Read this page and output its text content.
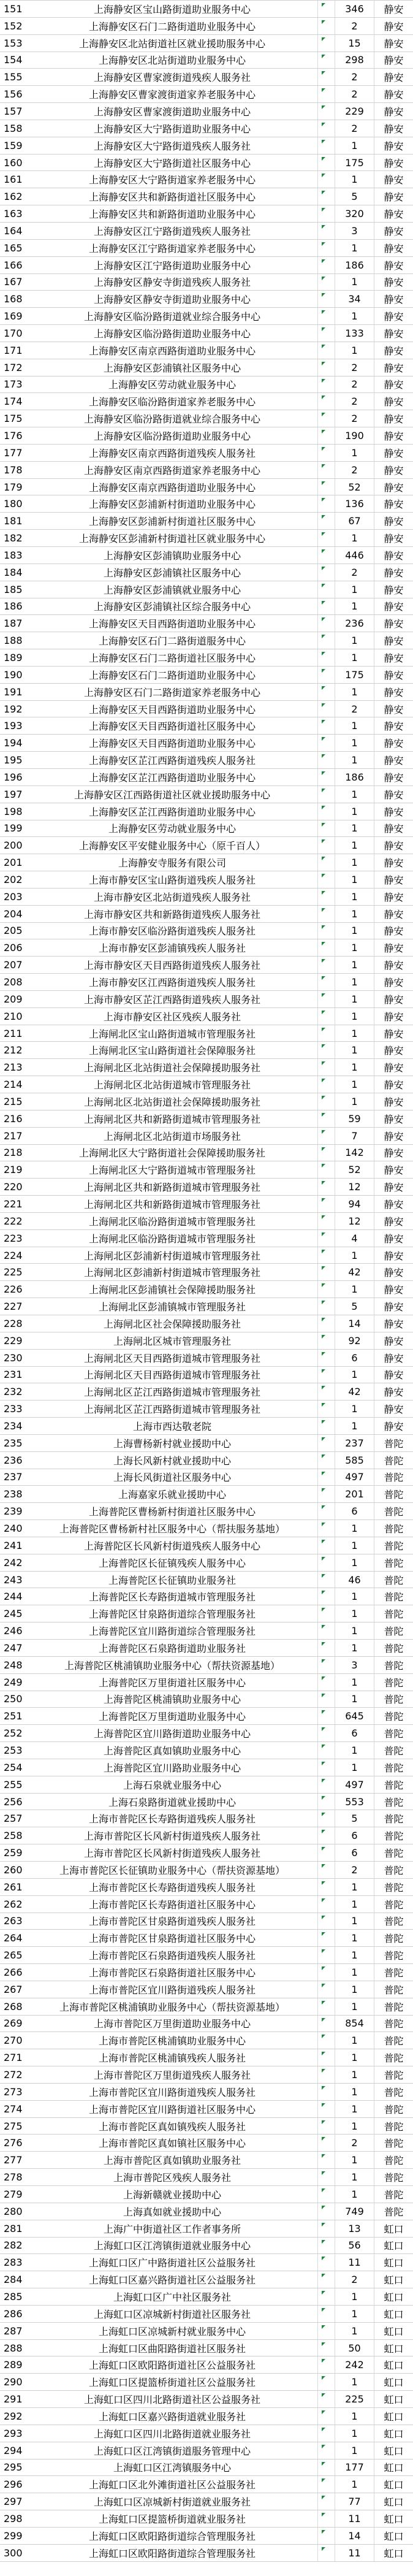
151	上海静安区宝山路街道助业服务中心	346	静安
152	上海静安区石门二路街道助业服务中心	2	静安
153	上海静安区北站街道社区就业援助服务中心	15	静安
154	上海静安区北站街道助业服务中心	298	静安
155	上海静安区曹家渡街道残疾人服务社	2	静安
156	上海静安区曹家渡街道家养老服务中心	2	静安
157	上海静安区曹家渡街道助业服务中心	229	静安
158	上海静安区大宁路街道助业服务中心	2	静安
159	上海静安区大宁路街道残疾人服务社	1	静安
160	上海静安区大宁路街道社区服务中心	175	静安
161	上海静安区大宁路街道家养老服务中心	1	静安
162	上海静安区共和新路街道社区服务中心	5	静安
163	上海静安区共和新路街道助业服务中心	320	静安
164	上海静安区江宁路街道残疾人服务社	3	静安
165	上海静安区江宁路街道家养老服务中心	1	静安
166	上海静安区江宁路街道助业服务中心	186	静安
167	上海静安区静安寺街道残疾人服务社	1	静安
168	上海静安区静安寺街道助业服务中心	34	静安
169	上海静安区临汾路街道就业综合服务中心	1	静安
170	上海静安区临汾路街道助业服务中心	133	静安
171	上海静安区南京西路街道助业服务中心	1	静安
172	上海静安区彭浦镇社区服务中心	2	静安
173	上海静安区劳动就业服务中心	2	静安
174	上海静安区临汾路街道家养老服务中心	2	静安
175	上海静安区临汾路街道就业综合服务中心	2	静安
176	上海静安区临汾路街道助业服务中心	190	静安
177	上海静安区南京西路街道残疾人服务社	1	静安
178	上海静安区南京西路街道家养老服务中心	2	静安
179	上海静安区南京西路街道助业服务中心	52	静安
180	上海静安区彭浦新村街道助业服务中心	136	静安
181	上海静安区彭浦新村街道社区服务中心	67	静安
182	上海静安区彭浦新村街道社区就业服务中心	1	静安
183	上海静安区彭浦镇助业服务中心	446	静安
184	上海静安区彭浦镇社区服务中心	2	静安
185	上海静安区彭浦镇就业服务中心	1	静安
186	上海静安区彭浦镇社区综合服务中心	1	静安
187	上海静安区天目西路街道助业服务中心	236	静安
188	上海静安区石门二路街道服务中心	1	静安
189	上海静安区石门二路街道社区服务中心	1	静安
190	上海静安区石门二路街道助业服务中心	175	静安
191	上海静安区石门二路街道家养老服务中心	1	静安
192	上海静安区天目西路街道助业服务中心	2	静安
193	上海静安区天目西路街道社区服务中心	1	静安
194	上海静安区天目西路街道助业服务中心	1	静安
195	上海静安区芷江西路街道残疾人服务社	1	静安
196	上海静安区芷江西路街道助业服务中心	186	静安
197	上海静安区江西路街道社区就业援助服务中心	1	静安
198	上海静安区芷江西路街道助业服务中心	1	静安
199	上海静安区劳动就业服务中心	1	静安
200	上海静安区平安健业服务中心（原千百人）	1	静安
201	上海静安寺服务有限公司	1	静安
202	上海市静安区宝山路街道残疾人服务社	1	静安
203	上海市静安区北站街道残疾人服务社	1	静安
204	上海市静安区共和新路街道残疾人服务社	1	静安
205	上海市静安区临汾路街道残疾人服务社	1	静安
206	上海市静安区彭浦镇残疾人服务社	1	静安
207	上海市静安区天目西路街道残疾人服务社	1	静安
208	上海市静安区江西路街道残疾人服务社	1	静安
209	上海市静安区芷江西路街道残疾人服务社	1	静安
210	上海市静安区社区残疾人服务社	1	静安
211	上海闸北区宝山路街道城市管理服务社	1	静安
212	上海闸北区宝山路街道社会保障服务社	1	静安
213	上海闸北区北站街道社会保障援助服务社	1	静安
214	上海闸北区北站街道城市管理服务社	1	静安
215	上海闸北区北站街道社会保障援助服务社	1	静安
216	上海闸北区共和新路街道城市管理服务社	59	静安
217	上海闸北区北站街道市场服务社	7	静安
218	上海闸北区大宁路街道社会保障援助服务社	142	静安
219	上海闸北区大宁路街道城市管理服务社	52	静安
220	上海闸北区共和新路街道城市管理服务社	12	静安
221	上海闸北区共和新路街道城市管理服务社	94	静安
222	上海闸北区临汾路街道城市管理服务社	12	静安
223	上海闸北区临汾路街道城市管理服务社	4	静安
224	上海闸北区彭浦新村街道城市管理服务社	1	静安
225	上海闸北区彭浦新村街道城市管理服务社	42	静安
226	上海闸北区彭浦镇社会保障援助服务社	1	静安
227	上海闸北区彭浦镇城市管理服务社	5	静安
228	上海闸北区社会保障援助服务社	14	静安
229	上海闸北区城市管理服务社	92	静安
230	上海闸北区天目西路街道城市管理服务社	6	静安
231	上海闸北区天目西路街道城市管理服务社	1	静安
232	上海闸北区芷江西路街道城市管理服务社	42	静安
233	上海闸北区芷江西路街道城市管理服务社	1	静安
234	上海市西达敬老院	1	静安
235	上海曹杨新村就业援助中心	237	普陀
236	上海长风新村就业援助中心	585	普陀
237	上海长风街道社区服务中心	497	普陀
238	上海嘉家乐就业援助中心	201	普陀
239	上海普陀区曹杨新村街道社区服务中心	6	普陀
240	上海普陀区曹杨新村社区服务中心（帮扶服务基地）	1	普陀
241	上海普陀区长风新村街道残疾人服务中心	1	普陀
242	上海普陀区长征镇残疾人服务中心	1	普陀
243	上海普陀区长征镇助业服务社	46	普陀
244	上海普陀区长寿路街道城市管理服务社	1	普陀
245	上海普陀区甘泉路街道综合管理服务社	1	普陀
246	上海普陀区宜川路街道综合管理服务社	1	普陀
247	上海普陀区石泉路街道助业服务社	1	普陀
248	上海普陀区桃浦镇助业服务中心（帮扶资源基地）	3	普陀
249	上海普陀区万里街道社区服务中心	1	普陀
250	上海普陀区桃浦镇助业服务中心	1	普陀
251	上海普陀区万里街道助业服务中心	645	普陀
252	上海普陀区宜川路街道助业服务中心	6	普陀
253	上海普陀区真如镇助业服务中心	1	普陀
254	上海普陀区宜川路助业服务中心	1	普陀
255	上海石泉就业服务中心	497	普陀
256	上海石泉路街道就业援助中心	553	普陀
257	上海市普陀区长寿路街道残疾人服务社	5	普陀
258	上海市普陀区长风新村街道残疾人服务社	6	普陀
259	上海市普陀区长风新村街道残疾人服务社	6	普陀
260	上海市普陀区长征镇助业服务中心（帮扶资源基地）	2	普陀
261	上海市普陀区长寿路街道残疾人服务社	1	普陀
262	上海市普陀区长寿路街道社区服务中心	1	普陀
263	上海市普陀区甘泉路街道残疾人服务社	1	普陀
264	上海市普陀区甘泉路街道社区服务中心	1	普陀
265	上海市普陀区石泉路街道残疾人服务社	1	普陀
266	上海市普陀区石泉路街道社区服务中心	1	普陀
267	上海市普陀区宜川路街道残疾人服务社	1	普陀
268	上海市普陀区桃浦镇助业服务中心（帮扶资源基地）	1	普陀
269	上海市普陀区万里街道助业服务中心	854	普陀
270	上海市普陀区桃浦镇助业服务中心	1	普陀
271	上海市普陀区桃浦镇残疾人服务社	1	普陀
272	上海市普陀区万里街道残疾人服务社	1	普陀
273	上海市普陀区宜川路街道残疾人服务社	1	普陀
274	上海市普陀区宜川路街道社区服务中心	1	普陀
275	上海市普陀区真如镇残疾人服务社	1	普陀
276	上海市普陀区真如镇社区服务中心	2	普陀
277	上海市普陀区真如镇助业服务社	1	普陀
278	上海市普陀区残疾人服务社	1	普陀
279	上海新赣就业援助中心	1	普陀
280	上海真如就业援助中心	749	普陀
281	上海广中街道社区工作者事务所	13	虹口
282	上海虹口区江湾镇街道就业服务中心	56	虹口
283	上海虹口区广中路街道社区公益服务社	11	虹口
284	上海虹口区嘉兴路街道社区公益服务社	2	虹口
285	上海虹口区广中社区服务社	1	虹口
286	上海虹口区凉城新村街道社区服务社	1	虹口
287	上海虹口区凉城新村就业服务中心	1	虹口
288	上海虹口区曲阳路街道社区服务社	50	虹口
289	上海虹口区欧阳路街道社区公益服务社	242	虹口
290	上海虹口区提篮桥街道社区公益服务社	1	虹口
291	上海虹口区四川北路街道社区公益服务社	225	虹口
292	上海虹口区嘉兴路街道就业服务社	1	虹口
293	上海虹口区四川北路街道就业服务社	1	虹口
294	上海虹口区江湾镇街道服务管理中心	1	虹口
295	上海虹口区江湾镇服务中心	177	虹口
296	上海虹口区北外滩街道社区公益服务社	1	虹口
297	上海虹口区凉城新村街道就业服务社	77	虹口
298	上海虹口区提篮桥街道就业服务社	11	虹口
299	上海虹口区欧阳路街道综合管理服务社	14	虹口
300	上海虹口区欧阳路街道综合管理服务社	11	虹口
